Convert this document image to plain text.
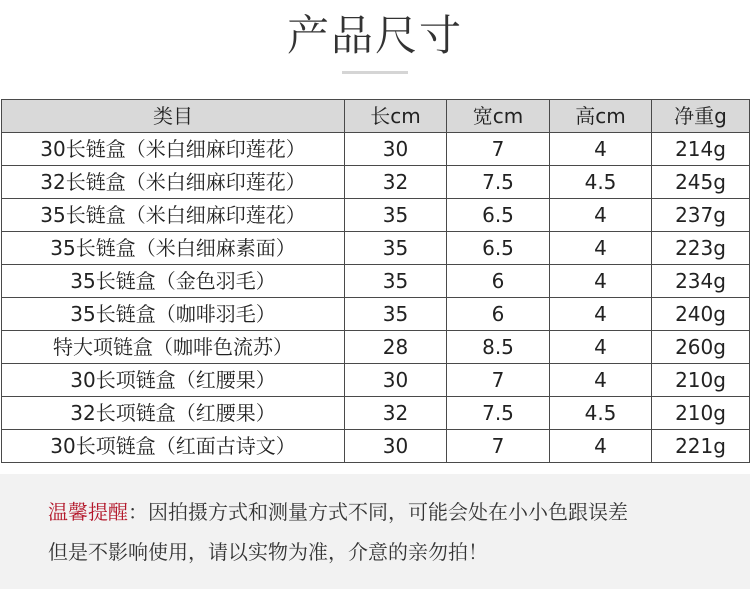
产品尺寸
类目	长cm	宽cm	高cm	净重g
30长链盒（米白细麻印莲花）	30	7	4	214g
32长链盒（米白细麻印莲花）	32	7.5	4.5	245g
35长链盒（米白细麻印莲花）	35	6.5	4	237g
35长链盒（米白细麻素面）	35	6.5	4	223g
35长链盒（金色羽毛）	35	6	4	234g
35长链盒（咖啡羽毛）	35	6	4	240g
特大项链盒（咖啡色流苏）	28	8.5	4	260g
30长项链盒（红腰果）	30	7	4	210g
32长项链盒（红腰果）	32	7.5	4.5	210g
30长项链盒（红面古诗文）	30	7	4	221g
温馨提醒：因拍摄方式和测量方式不同，可能会处在小小色跟误差
但是不影响使用，请以实物为准，介意的亲勿拍！
